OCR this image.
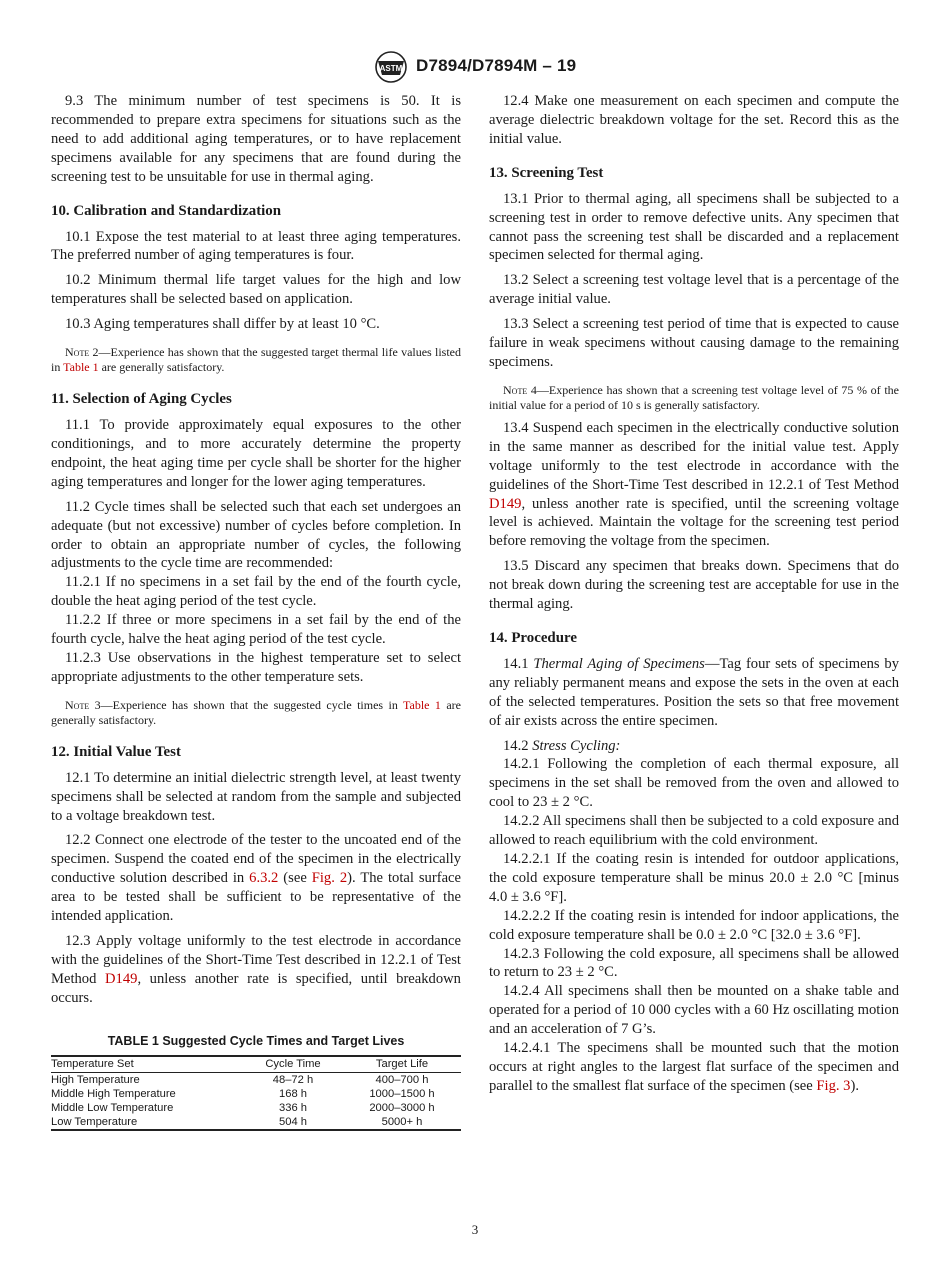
ASTM D7894/D7894M – 19

9.3 The minimum number of test specimens is 50. It is recommended to prepare extra specimens for situations such as the need to add additional aging temperatures, or to have replacement specimens available for any specimens that are found during the screening test to be unsuitable for use in thermal aging.

10. Calibration and Standardization

10.1 Expose the test material to at least three aging temperatures. The preferred number of aging temperatures is four.

10.2 Minimum thermal life target values for the high and low temperatures shall be selected based on application.

10.3 Aging temperatures shall differ by at least 10 °C.

Note 2—Experience has shown that the suggested target thermal life values listed in Table 1 are generally satisfactory.

11. Selection of Aging Cycles

11.1 To provide approximately equal exposures to the other conditionings, and to more accurately determine the property endpoint, the heat aging time per cycle shall be shorter for the higher aging temperatures and longer for the lower aging temperatures.

11.2 Cycle times shall be selected such that each set undergoes an adequate (but not excessive) number of cycles before completion. In order to obtain an appropriate number of cycles, the following adjustments to the cycle time are recommended:

11.2.1 If no specimens in a set fail by the end of the fourth cycle, double the heat aging period of the test cycle.

11.2.2 If three or more specimens in a set fail by the end of the fourth cycle, halve the heat aging period of the test cycle.

11.2.3 Use observations in the highest temperature set to select appropriate adjustments to the other temperature sets.

Note 3—Experience has shown that the suggested cycle times in Table 1 are generally satisfactory.

12. Initial Value Test

12.1 To determine an initial dielectric strength level, at least twenty specimens shall be selected at random from the sample and subjected to a voltage breakdown test.

12.2 Connect one electrode of the tester to the uncoated end of the specimen. Suspend the coated end of the specimen in the electrically conductive solution described in 6.3.2 (see Fig. 2). The total surface area to be tested shall be sufficient to be representative of the intended application.

12.3 Apply voltage uniformly to the test electrode in accordance with the guidelines of the Short-Time Test described in 12.2.1 of Test Method D149, unless another rate is specified, until breakdown occurs.

TABLE 1 Suggested Cycle Times and Target Lives
Temperature Set	Cycle Time	Target Life
High Temperature	48–72 h	400–700 h
Middle High Temperature	168 h	1000–1500 h
Middle Low Temperature	336 h	2000–3000 h
Low Temperature	504 h	5000+ h

12.4 Make one measurement on each specimen and compute the average dielectric breakdown voltage for the set. Record this as the initial value.

13. Screening Test

13.1 Prior to thermal aging, all specimens shall be subjected to a screening test in order to remove defective units. Any specimen that cannot pass the screening test shall be discarded and a replacement specimen selected for thermal aging.

13.2 Select a screening test voltage level that is a percentage of the average initial value.

13.3 Select a screening test period of time that is expected to cause failure in weak specimens without causing damage to the remaining specimens.

Note 4—Experience has shown that a screening test voltage level of 75 % of the initial value for a period of 10 s is generally satisfactory.

13.4 Suspend each specimen in the electrically conductive solution in the same manner as described for the initial value test. Apply voltage uniformly to the test electrode in accordance with the guidelines of the Short-Time Test described in 12.2.1 of Test Method D149, unless another rate is specified, until the screening voltage level is achieved. Maintain the voltage for the screening test period before removing the voltage from the specimen.

13.5 Discard any specimen that breaks down. Specimens that do not break down during the screening test are acceptable for use in the thermal aging.

14. Procedure

14.1 Thermal Aging of Specimens—Tag four sets of specimens by any reliably permanent means and expose the sets in the oven at each of the selected temperatures. Position the sets so that free movement of air exists across the entire specimen.

14.2 Stress Cycling:

14.2.1 Following the completion of each thermal exposure, all specimens in the set shall be removed from the oven and allowed to cool to 23 ± 2 °C.

14.2.2 All specimens shall then be subjected to a cold exposure and allowed to reach equilibrium with the cold environment.

14.2.2.1 If the coating resin is intended for outdoor applications, the cold exposure temperature shall be minus 20.0 ± 2.0 °C [minus 4.0 ± 3.6 °F].

14.2.2.2 If the coating resin is intended for indoor applications, the cold exposure temperature shall be 0.0 ± 2.0 °C [32.0 ± 3.6 °F].

14.2.3 Following the cold exposure, all specimens shall be allowed to return to 23 ± 2 °C.

14.2.4 All specimens shall then be mounted on a shake table and operated for a period of 10 000 cycles with a 60 Hz oscillating motion and an acceleration of 7 G’s.

14.2.4.1 The specimens shall be mounted such that the motion occurs at right angles to the largest flat surface of the specimen and parallel to the smallest flat surface of the specimen (see Fig. 3).

3
